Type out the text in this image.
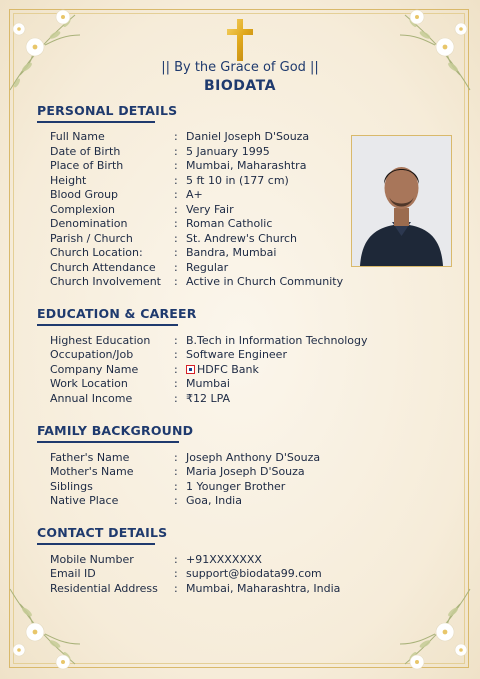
|| By the Grace of God ||
BIODATA
PERSONAL DETAILS
Full Name	: Daniel Joseph D'Souza
Date of Birth	: 5 January 1995
Place of Birth	: Mumbai, Maharashtra
Height	: 5 ft 10 in (177 cm)
Blood Group	: A+
Complexion	: Very Fair
Denomination	: Roman Catholic
Parish / Church	: St. Andrew's Church
Church Location:	: Bandra, Mumbai
Church Attendance : Regular
Church Involvement : Active in Church Community
EDUCATION & CAREER
Highest Education : B.Tech in Information Technology
Occupation/Job	: Software Engineer
Company Name	: HDFC Bank
Work Location	: Mumbai
Annual Income	: ₹12 LPA
FAMILY BACKGROUND
Father's Name	: Joseph Anthony D'Souza
Mother's Name	: Maria Joseph D'Souza
Siblings	: 1 Younger Brother
Native Place	: Goa, India
CONTACT DETAILS
Mobile Number	: +91XXXXXXX
Email ID	: support@biodata99.com
Residential Address : Mumbai, Maharashtra, India
